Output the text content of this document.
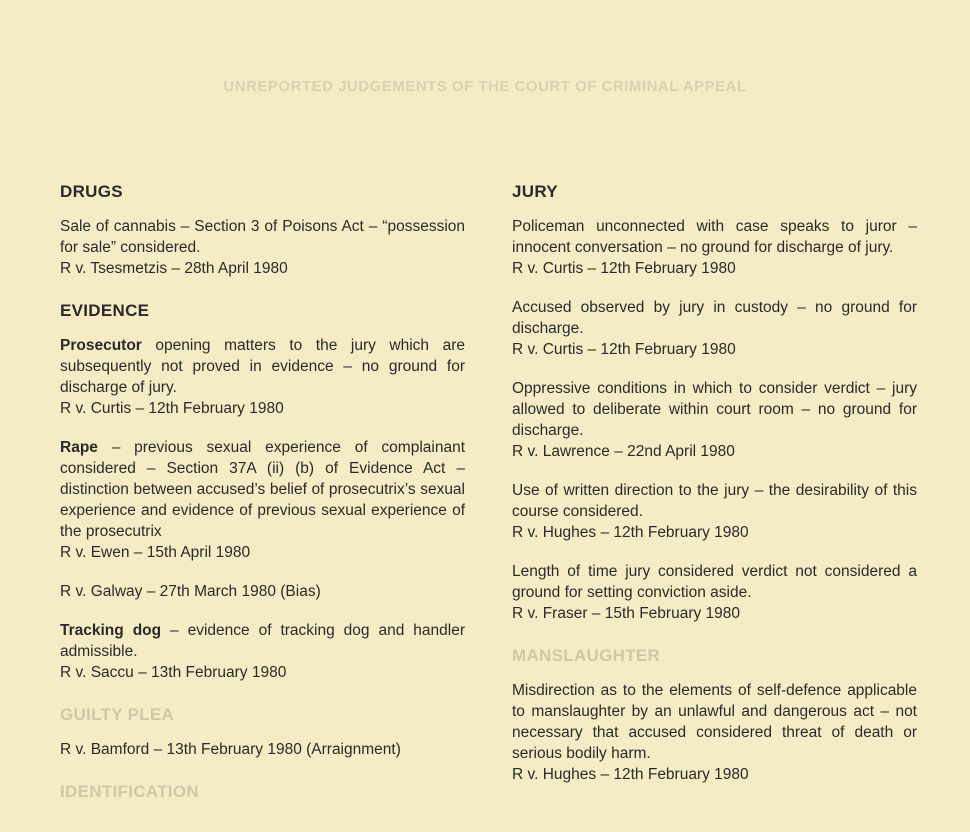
UNREPORTED JUDGEMENTS OF THE COURT OF CRIMINAL APPEAL
DRUGS

Sale of cannabis – Section 3 of Poisons Act – “possession for sale” considered.
R v. Tsesmetzis – 28th April 1980

EVIDENCE

Prosecutor opening matters to the jury which are subsequently not proved in evidence – no ground for discharge of jury.
R v. Curtis – 12th February 1980

Rape – previous sexual experience of complainant considered – Section 37A (ii) (b) of Evidence Act – distinction between accused’s belief of prosecutrix’s sexual experience and evidence of previous sexual experience of the prosecutrix
R v. Ewen – 15th April 1980

R v. Galway – 27th March 1980 (Bias)

Tracking dog – evidence of tracking dog and handler admissible.
R v. Saccu – 13th February 1980

GUILTY PLEA

R v. Bamford – 13th February 1980 (Arraignment)

IDENTIFICATION
JURY

Policeman unconnected with case speaks to juror – innocent conversation – no ground for discharge of jury.
R v. Curtis – 12th February 1980

Accused observed by jury in custody – no ground for discharge.
R v. Curtis – 12th February 1980

Oppressive conditions in which to consider verdict – jury allowed to deliberate within court room – no ground for discharge.
R v. Lawrence – 22nd April 1980

Use of written direction to the jury – the desirability of this course considered.
R v. Hughes – 12th February 1980

Length of time jury considered verdict not considered a ground for setting conviction aside.
R v. Fraser – 15th February 1980

MANSLAUGHTER

Misdirection as to the elements of self-defence applicable to manslaughter by an unlawful and dangerous act – not necessary that accused considered threat of death or serious bodily harm.
R v. Hughes – 12th February 1980
